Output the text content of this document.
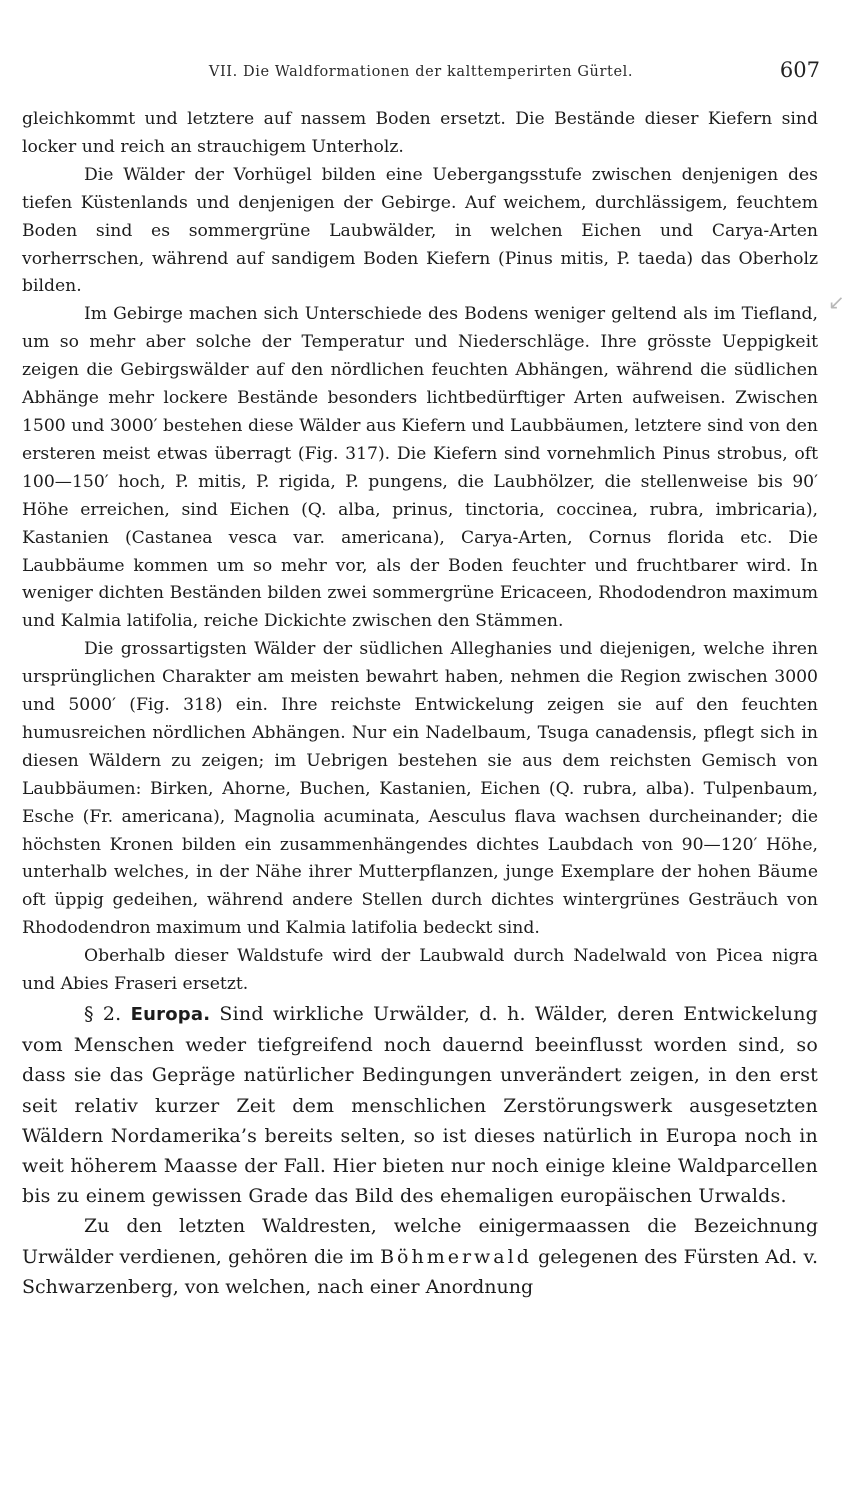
VII. Die Waldformationen der kalttemperirten Gürtel.	607

gleichkommt und letztere auf nassem Boden ersetzt. Die Bestände dieser Kiefern sind locker und reich an strauchigem Unterholz.

Die Wälder der Vorhügel bilden eine Uebergangsstufe zwischen denjenigen des tiefen Küstenlands und denjenigen der Gebirge. Auf weichem, durchlässigem, feuchtem Boden sind es sommergrüne Laubwälder, in welchen Eichen und Carya-Arten vorherrschen, während auf sandigem Boden Kiefern (Pinus mitis, P. taeda) das Oberholz bilden.

Im Gebirge machen sich Unterschiede des Bodens weniger geltend als im Tiefland, um so mehr aber solche der Temperatur und Niederschläge. Ihre grösste Ueppigkeit zeigen die Gebirgswälder auf den nördlichen feuchten Abhängen, während die südlichen Abhänge mehr lockere Bestände besonders lichtbedürftiger Arten aufweisen. Zwischen 1500 und 3000′ bestehen diese Wälder aus Kiefern und Laubbäumen, letztere sind von den ersteren meist etwas überragt (Fig. 317). Die Kiefern sind vornehmlich Pinus strobus, oft 100—150′ hoch, P. mitis, P. rigida, P. pungens, die Laubhölzer, die stellenweise bis 90′ Höhe erreichen, sind Eichen (Q. alba, prinus, tinctoria, coccinea, rubra, imbricaria), Kastanien (Castanea vesca var. americana), Carya-Arten, Cornus florida etc. Die Laubbäume kommen um so mehr vor, als der Boden feuchter und fruchtbarer wird. In weniger dichten Beständen bilden zwei sommergrüne Ericaceen, Rhododendron maximum und Kalmia latifolia, reiche Dickichte zwischen den Stämmen.

Die grossartigsten Wälder der südlichen Alleghanies und diejenigen, welche ihren ursprünglichen Charakter am meisten bewahrt haben, nehmen die Region zwischen 3000 und 5000′ (Fig. 318) ein. Ihre reichste Entwickelung zeigen sie auf den feuchten humusreichen nördlichen Abhängen. Nur ein Nadelbaum, Tsuga canadensis, pflegt sich in diesen Wäldern zu zeigen; im Uebrigen bestehen sie aus dem reichsten Gemisch von Laubbäumen: Birken, Ahorne, Buchen, Kastanien, Eichen (Q. rubra, alba). Tulpenbaum, Esche (Fr. americana), Magnolia acuminata, Aesculus flava wachsen durcheinander; die höchsten Kronen bilden ein zusammenhängendes dichtes Laubdach von 90—120′ Höhe, unterhalb welches, in der Nähe ihrer Mutterpflanzen, junge Exemplare der hohen Bäume oft üppig gedeihen, während andere Stellen durch dichtes wintergrünes Gesträuch von Rhododendron maximum und Kalmia latifolia bedeckt sind.

Oberhalb dieser Waldstufe wird der Laubwald durch Nadelwald von Picea nigra und Abies Fraseri ersetzt.

§ 2. Europa. Sind wirkliche Urwälder, d. h. Wälder, deren Entwickelung vom Menschen weder tiefgreifend noch dauernd beeinflusst worden sind, so dass sie das Gepräge natürlicher Bedingungen unverändert zeigen, in den erst seit relativ kurzer Zeit dem menschlichen Zerstörungswerk ausgesetzten Wäldern Nordamerika’s bereits selten, so ist dieses natürlich in Europa noch in weit höherem Maasse der Fall. Hier bieten nur noch einige kleine Waldparcellen bis zu einem gewissen Grade das Bild des ehemaligen europäischen Urwalds.

Zu den letzten Waldresten, welche einigermaassen die Bezeichnung Urwälder verdienen, gehören die im Böhmerwald gelegenen des Fürsten Ad. v. Schwarzenberg, von welchen, nach einer Anordnung

↙
